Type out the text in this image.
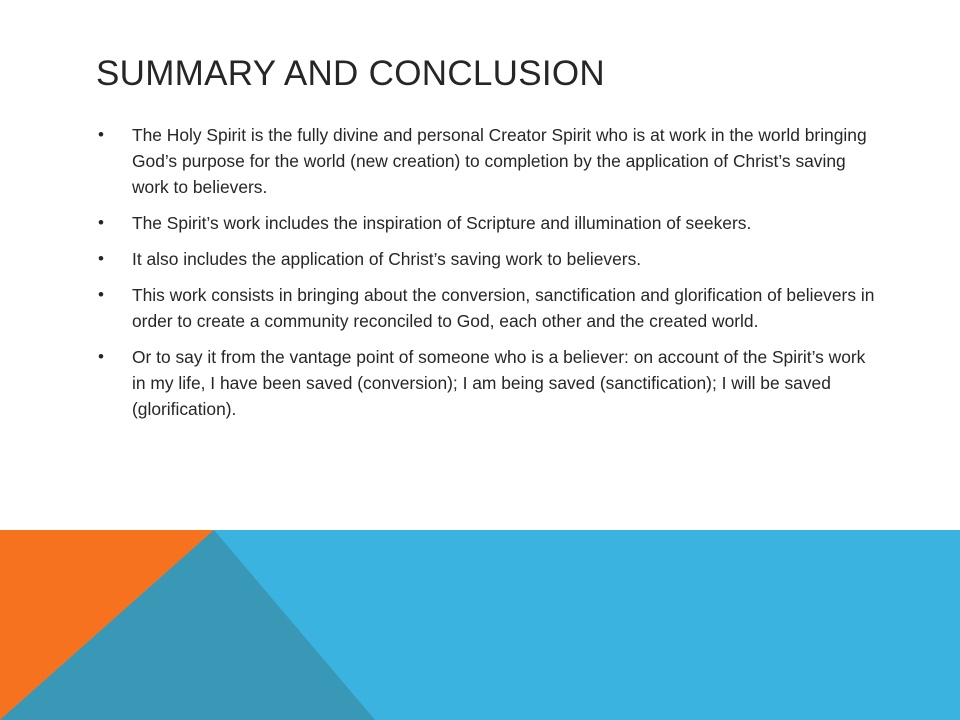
SUMMARY AND CONCLUSION
• The Holy Spirit is the fully divine and personal Creator Spirit who is at work in the world bringing God’s purpose for the world (new creation) to completion by the application of Christ’s saving work to believers.
• The Spirit’s work includes the inspiration of Scripture and illumination of seekers.
• It also includes the application of Christ’s saving work to believers.
• This work consists in bringing about the conversion, sanctification and glorification of believers in order to create a community reconciled to God, each other and the created world.
• Or to say it from the vantage point of someone who is a believer: on account of the Spirit’s work in my life, I have been saved (conversion); I am being saved (sanctification); I will be saved (glorification).
